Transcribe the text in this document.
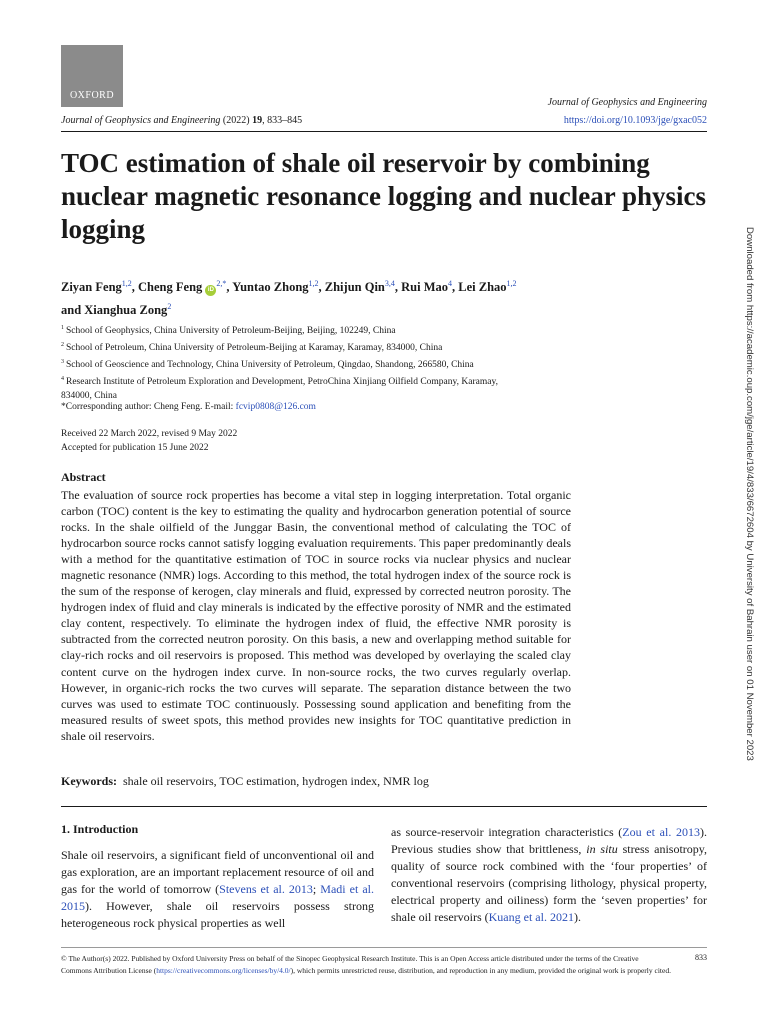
OXFORD
Journal of Geophysics and Engineering
Journal of Geophysics and Engineering (2022) 19, 833–845	https://doi.org/10.1093/jge/gxac052
TOC estimation of shale oil reservoir by combining nuclear magnetic resonance logging and nuclear physics logging
Ziyan Feng$^{1,2}$, Cheng Feng $iD^{2,*}$, Yuntao Zhong$^{1,2}$, Zhijun Qin$^{3,4}$, Rui Mao$^4$, Lei Zhao$^{1,2}$
and Xianghua Zong$^2$
$^1$ School of Geophysics, China University of Petroleum-Beijing, Beijing, 102249, China
$^2$ School of Petroleum, China University of Petroleum-Beijing at Karamay, Karamay, 834000, China
$^3$ School of Geoscience and Technology, China University of Petroleum, Qingdao, Shandong, 266580, China
$^4$ Research Institute of Petroleum Exploration and Development, PetroChina Xinjiang Oilfield Company, Karamay, 834000, China
*Corresponding author: Cheng Feng. E-mail: fcvip0808@126.com
Received 22 March 2022, revised 9 May 2022
Accepted for publication 15 June 2022
Abstract

The evaluation of source rock properties has become a vital step in logging interpretation. Total organic carbon (TOC) content is the key to estimating the quality and hydrocarbon generation potential of source rocks. In the shale oilfield of the Junggar Basin, the conventional method of calculating the TOC of hydrocarbon source rocks cannot satisfy logging evaluation requirements. This paper predominantly deals with a method for the quantitative estimation of TOC in source rocks via nuclear physics and nuclear magnetic resonance (NMR) logs. According to this method, the total hydrogen index of the source rock is the sum of the response of kerogen, clay minerals and fluid, expressed by corrected neutron porosity. The hydrogen index of fluid and clay minerals is indicated by the effective porosity of NMR and the estimated clay content, respectively. To eliminate the hydrogen index of fluid, the effective NMR porosity is subtracted from the corrected neutron porosity. On this basis, a new and overlapping method suitable for clay-rich rocks and oil reservoirs is proposed. This method was developed by overlaying the scaled clay content curve on the hydrogen index curve. In non-source rocks, the two curves regularly overlap. However, in organic-rich rocks the two curves will separate. The separation distance between the two curves was used to estimate TOC continuously. Possessing sound application and benefiting from the measured results of sweet spots, this method provides new insights for TOC quantitative prediction in shale oil reservoirs.

Keywords: shale oil reservoirs, TOC estimation, hydrogen index, NMR log
1. Introduction

Shale oil reservoirs, a significant field of unconventional oil and gas exploration, are an important replacement resource of oil and gas for the world of tomorrow (Stevens et al. 2013; Madi et al. 2015). However, shale oil reservoirs possess strong heterogeneous rock physical properties as well

as source-reservoir integration characteristics (Zou et al. 2013). Previous studies show that brittleness, in situ stress anisotropy, quality of source rock combined with the ‘four properties’ of conventional reservoirs (comprising lithology, physical property, electrical property and oiliness) form the ‘seven properties’ for shale oil reservoirs (Kuang et al. 2021).

© The Author(s) 2022. Published by Oxford University Press on behalf of the Sinopec Geophysical Research Institute. This is an Open Access article distributed under the terms of the Creative Commons Attribution License (https://creativecommons.org/licenses/by/4.0/), which permits unrestricted reuse, distribution, and reproduction in any medium, provided the original work is properly cited.
833
Downloaded from https://academic.oup.com/jge/article/19/4/833/6672604 by University of Bahrain user on 01 November 2023
